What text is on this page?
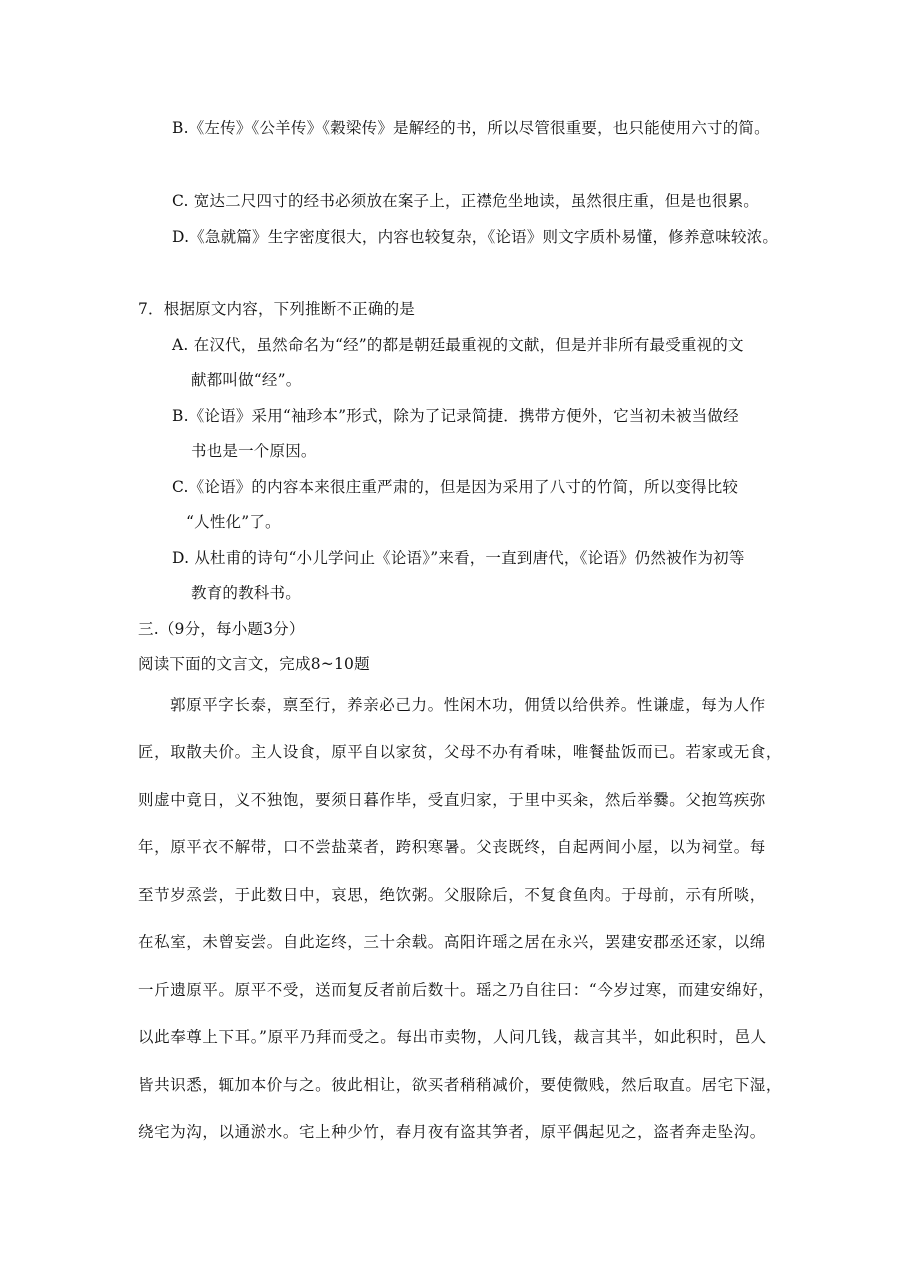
B.《左传》《公羊传》《穀梁传》是解经的书，所以尽管很重要，也只能使用六寸的简。
C. 宽达二尺四寸的经书必须放在案子上，正襟危坐地读，虽然很庄重，但是也很累。
D.《急就篇》生字密度很大，内容也较复杂，《论语》则文字质朴易懂，修养意味较浓。
7．根据原文内容，下列推断不正确的是
A. 在汉代，虽然命名为“经”的都是朝廷最重视的文献，但是并非所有最受重视的文
献都叫做“经”。
B.《论语》采用“袖珍本”形式，除为了记录简捷．携带方便外，它当初未被当做经
书也是一个原因。
C.《论语》的内容本来很庄重严肃的，但是因为采用了八寸的竹简，所以变得比较
“人性化”了。
D. 从杜甫的诗句“小儿学问止《论语》”来看，一直到唐代，《论语》仍然被作为初等
教育的教科书。
三.（9分，每小题3分）
阅读下面的文言文，完成8~10题
郭原平字长泰，禀至行，养亲必己力。性闲木功，佣赁以给供养。性谦虚，每为人作
匠，取散夫价。主人设食，原平自以家贫，父母不办有肴味，唯餐盐饭而已。若家或无食，
则虚中竟日，义不独饱，要须日暮作毕，受直归家，于里中买籴，然后举爨。父抱笃疾弥
年，原平衣不解带，口不尝盐菜者，跨积寒暑。父丧既终，自起两间小屋，以为祠堂。每
至节岁烝尝，于此数日中，哀思，绝饮粥。父服除后，不复食鱼肉。于母前，示有所啖，
在私室，未曾妄尝。自此迄终，三十余载。高阳许瑶之居在永兴，罢建安郡丞还家，以绵
一斤遗原平。原平不受，送而复反者前后数十。瑶之乃自往曰：“今岁过寒，而建安绵好，
以此奉尊上下耳。”原平乃拜而受之。每出市卖物，人问几钱，裁言其半，如此积时，邑人
皆共识悉，辄加本价与之。彼此相让，欲买者稍稍减价，要使微贱，然后取直。居宅下湿，
绕宅为沟，以通淤水。宅上种少竹，春月夜有盗其笋者，原平偶起见之，盗者奔走坠沟。
